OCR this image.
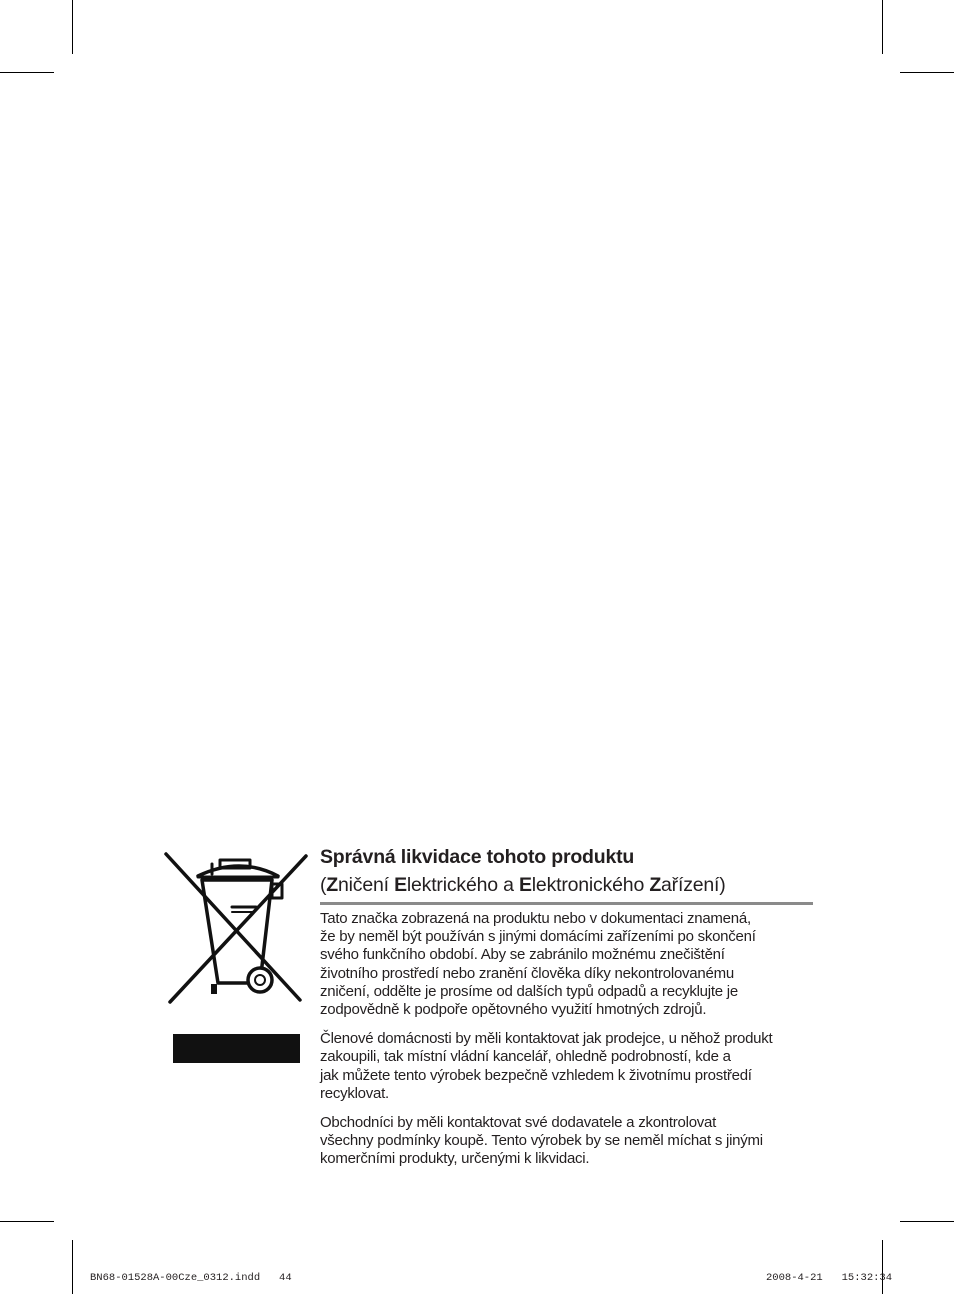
Správná likvidace tohoto produktu

(Zničení Elektrického a Elektronického Zařízení)

Tato značka zobrazená na produktu nebo v dokumentaci znamená,
že by neměl být používán s jinými domácími zařízeními po skončení
svého funkčního období. Aby se zabránilo možnému znečištění
životního prostředí nebo zranění člověka díky nekontrolovanému
zničení, oddělte je prosíme od dalších typů odpadů a recyklujte je
zodpovědně k podpoře opětovného využití hmotných zdrojů.

Členové domácnosti by měli kontaktovat jak prodejce, u něhož produkt
zakoupili, tak místní vládní kancelář, ohledně podrobností, kde a
jak můžete tento výrobek bezpečně vzhledem k životnímu prostředí
recyklovat.

Obchodníci by měli kontaktovat své dodavatele a zkontrolovat
všechny podmínky koupě. Tento výrobek by se neměl míchat s jinými
komerčními produkty, určenými k likvidaci.

BN68-01528A-00Cze_0312.indd   44	2008-4-21   15:32:34
